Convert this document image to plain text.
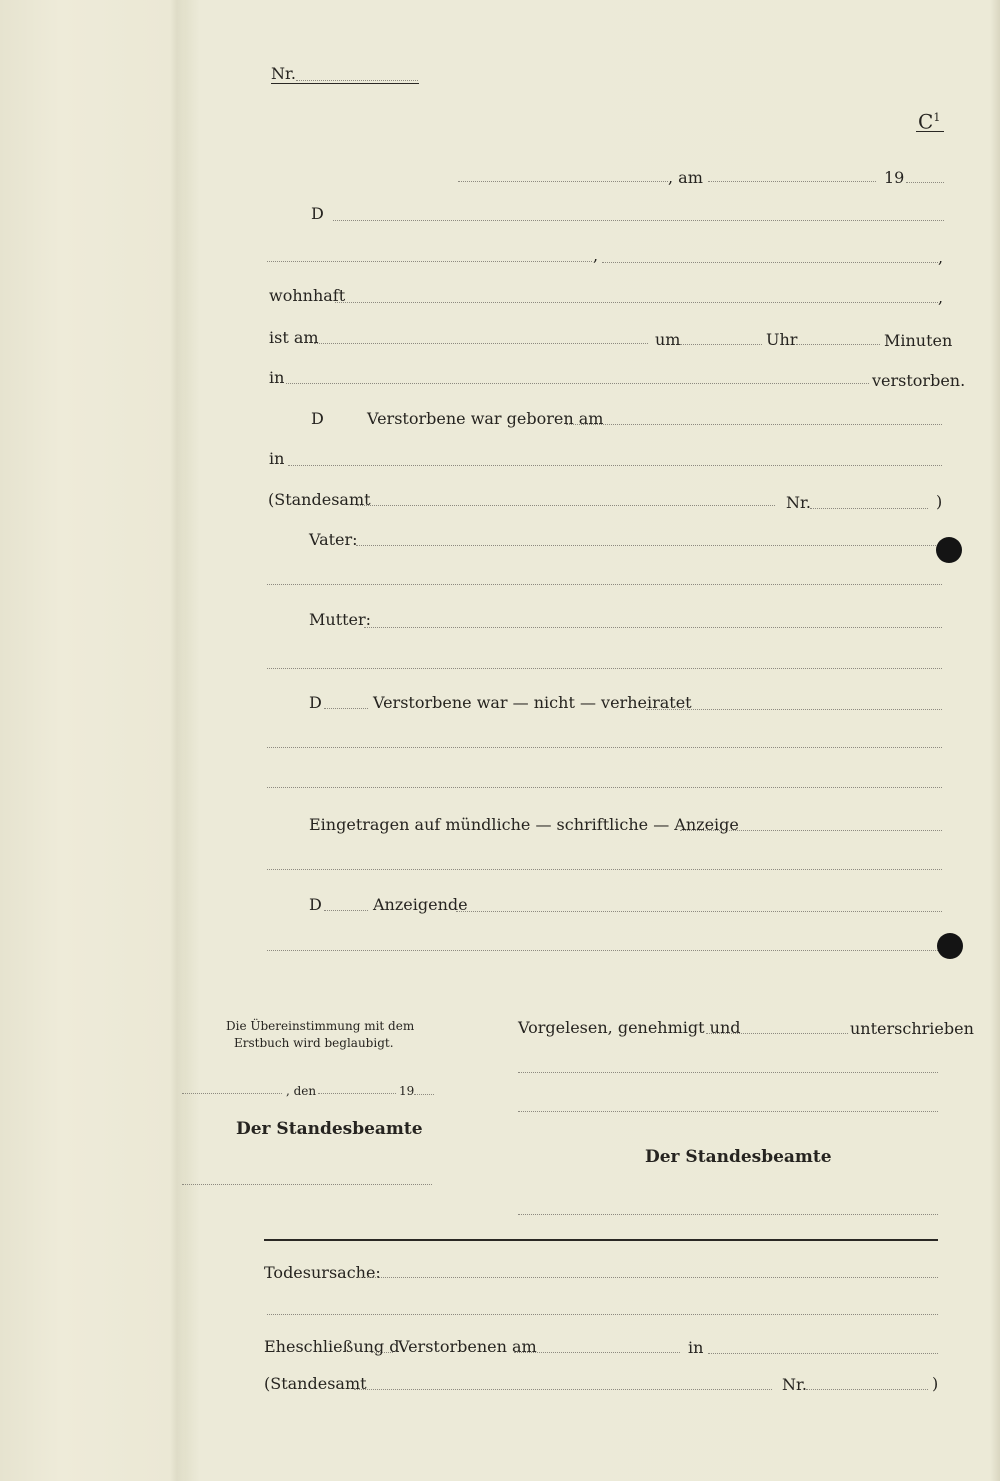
Nr.
$C^1$
, am	19
D
,	,
wohnhaft	,
ist am	um	Uhr	Minuten
in	verstorben.
D	Verstorbene war geboren am
in
(Standesamt	Nr.	)
Vater:
Mutter:
D	Verstorbene war — nicht — verheiratet
Eingetragen auf mündliche — schriftliche — Anzeige
D	Anzeigende
Die Übereinstimmung mit dem
Erstbuch wird beglaubigt.
, den	19
Der Standesbeamte
Vorgelesen, genehmigt und	unterschrieben
Der Standesbeamte
Todesursache:
Eheschließung d
Verstorbenen am	in
(Standesamt	Nr.	)
